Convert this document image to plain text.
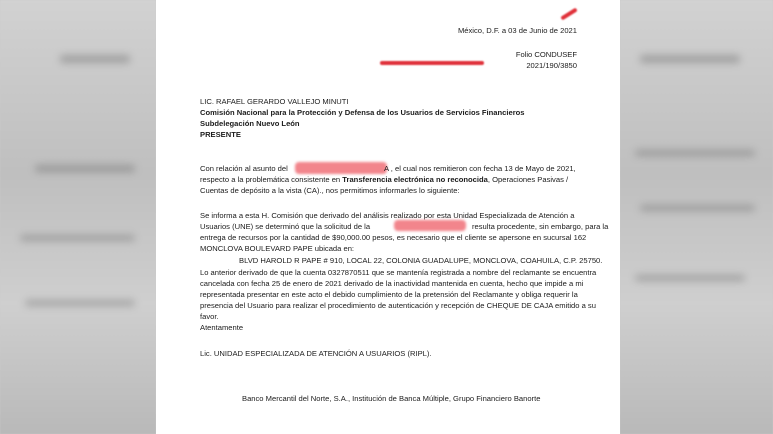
México, D.F. a 03 de Junio de 2021
Folio CONDUSEF
2021/190/3850
LIC. RAFAEL GERARDO VALLEJO MINUTI
Comisión Nacional para la Protección y Defensa de los Usuarios de Servicios Financieros
Subdelegación Nuevo León
PRESENTE
Con relación al asunto del	A , el cual nos remitieron con fecha 13 de Mayo de 2021,
respecto a la problemática consistente en Transferencia electrónica no reconocida, Operaciones Pasivas /
Cuentas de depósito a la vista (CA)., nos permitimos informarles lo siguiente:
Se informa a esta H. Comisión que derivado del análisis realizado por esta Unidad Especializada de Atención a
Usuarios (UNE) se determinó que la solicitud de la	resulta procedente, sin embargo, para la
entrega de recursos por la cantidad de $90,000.00 pesos, es necesario que el cliente se apersone en sucursal 162
MONCLOVA BOULEVARD PAPE ubicada en:
BLVD HAROLD R PAPE # 910, LOCAL 22, COLONIA GUADALUPE, MONCLOVA, COAHUILA, C.P. 25750.
Lo anterior derivado de que la cuenta 0327870511 que se mantenía registrada a nombre del reclamante se encuentra
cancelada con fecha 25 de enero de 2021 derivado de la inactividad mantenida en cuenta, hecho que impide a mi
representada presentar en este acto el debido cumplimiento de la pretensión del Reclamante y obliga requerir la
presencia del Usuario para realizar el procedimiento de autenticación y recepción de CHEQUE DE CAJA emitido a su
favor.
Atentamente
Lic. UNIDAD ESPECIALIZADA DE ATENCIÓN A USUARIOS (RIPL).
Banco Mercantil del Norte, S.A., Institución de Banca Múltiple, Grupo Financiero Banorte
